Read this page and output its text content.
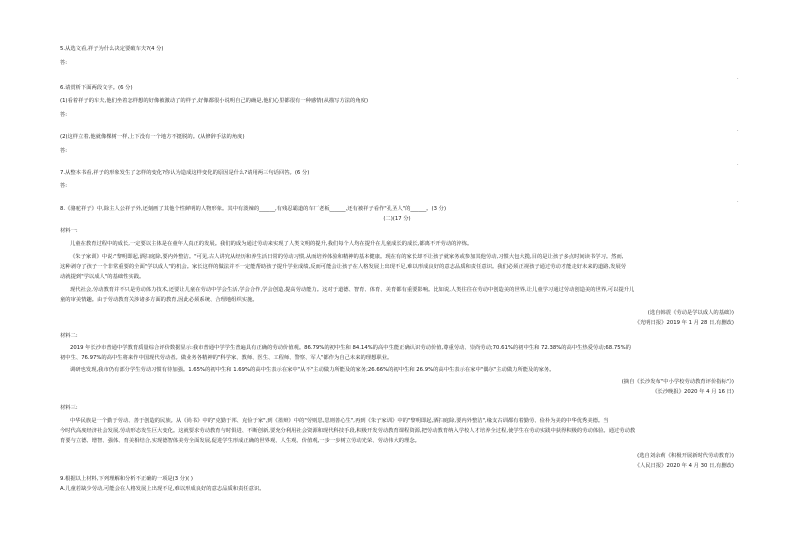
5.从选文看,祥子为什么决定要破车夫?(4 分)
答:
.
6.请赏析下面两段文字。(6 分)
(1)看着祥子的车夫,他们坐着怎样想的好像被激动了的样子,好像都很小说明自己的确是,他们心里都很有一种感情(从描写方法的角度)
答:
.
(2)这样立着,他就像棵树一样,上下没有一个地方不挺脱的。(从修辞手法的角度)
答:
.
7.从整本书看,祥子的形象发生了怎样的变化?你认为造成这样变化的原因是什么?请用两三句话回答。(6 分)
答:
.
8.《骆驼祥子》中,除主人公祥子外,还刻画了其他个性鲜明的人物形象。其中有泼辣的______,有残忍霸道的车厂老板______,还有被祥子看作"孔圣人"的______。(3 分)
(二)(17 分)
材料一:
儿童在教育过程中的成长,一定要以主体是在童年人真正的发展。我们的成为通过劳动来实现了人类文明的提升,我们每个人均在提升在儿童成长的成长,都离不开劳动的淬炼。
《朱子家训》中说:"黎明即起,洒扫庭除,要内外整洁。"可见,古人讲究从经历和养生活日常的劳动习惯,从而培养体验和精神的基本健康。现在有的家长却不让孩子就家务或参加其他劳动,习惯大包大揽,目的是让孩子多点时间读书学习。然而,
这种剥夺了孩子一个非常重要的全面"学以成人"的机会。家长这样的做法并不一定能帮助孩子提升学业成绩,反而可能会让孩子在人格发展上出现不足,难以形成良好的意志品质和责任意识。我们必须正视孩子通过劳动才能走好未来的道路,发展劳
动就提到"学以成人"的基础性实践。
现代社会,劳动教育并不只是劳动体力技术,还要让儿童在劳动中学会生活,学会合作,学会创造,提高劳动能力。这对于道德、智育、体育、美育都有重要影响。比如说,人类往往在劳动中创造美的世界,让儿童学习通过劳动创造美的世界,可以提升儿
童的审美情趣。由于劳动教育关涉诸多方面的教育,因此必须系统、合理地组织实施。
(选自韩震《劳动是学以成人的基础》)
《光明日报》2019 年 1 月 28 日,有删改)
材料二:
2019 年长沙市普通中学教育质量综合评价数据显示:我市普通中学学生普遍具有正确的劳动价值观。86.79%的初中生和 84.14%的高中生能正确认识劳动价值,尊重劳动、崇尚劳动;70.61%的初中生和 72.38%的高中生热爱劳动;68.75%的
初中生、76.97%的高中生将来作中国现代劳动者。做业务各精神的"科学家、教师、医生、工程师、警察、军人"都作为自己未来的理想职业。
调研也发现,我市仍有部分学生劳动习惯有待加强。1.65%的初中生和 1.69%的高中生表示在家中"从不"主动做力所能及的家务;26.66%的初中生和 26.9%的高中生表示在家中"偶尔"主动做力所能及的家务。
(摘自《长沙发布"中小学校劳动教育评价指标"》)
《长沙晚报》2020 年 4 月 16 日)
材料三:
中华民族是一个勤于劳动、善于创造的民族。从《尚书》中的"克勤于邦、克俭于家",到《墨辩》中的"劳则思,思则善心生",再到《朱子家训》中的"黎明即起,洒扫庭除,要内外整洁",缘支古训都有着勤劳、俭朴为美的中华优秀美德。当
今时代高度经济社会发展,劳动形态发生巨大变化。这就要求劳动教育与时俱进、不断创新,要充分利用社会资源和现代科技手段,积极开发劳动教育课程资源,把劳动教育纳入学校人才培养全过程,使学生在劳动实践中获得积极的劳动体验。通过劳动教
育要与立德、增智、强体、育美相结合,实现德智体美劳全面发展,促进学生形成正确的世界观、人生观、价值观,一步一步树立劳动光荣、劳动伟大的理念。
(选自刘余莉《积极开展新时代劳动教育》)
《人民日报》2020 年 4 月 30 日,有删改)
9.根据以上材料,下列理解和分析不正确的一项是(3 分)( )
A.儿童若缺少劳动,可能会在人格发展上出现不足,难以形成良好的意志品质和责任意识。
